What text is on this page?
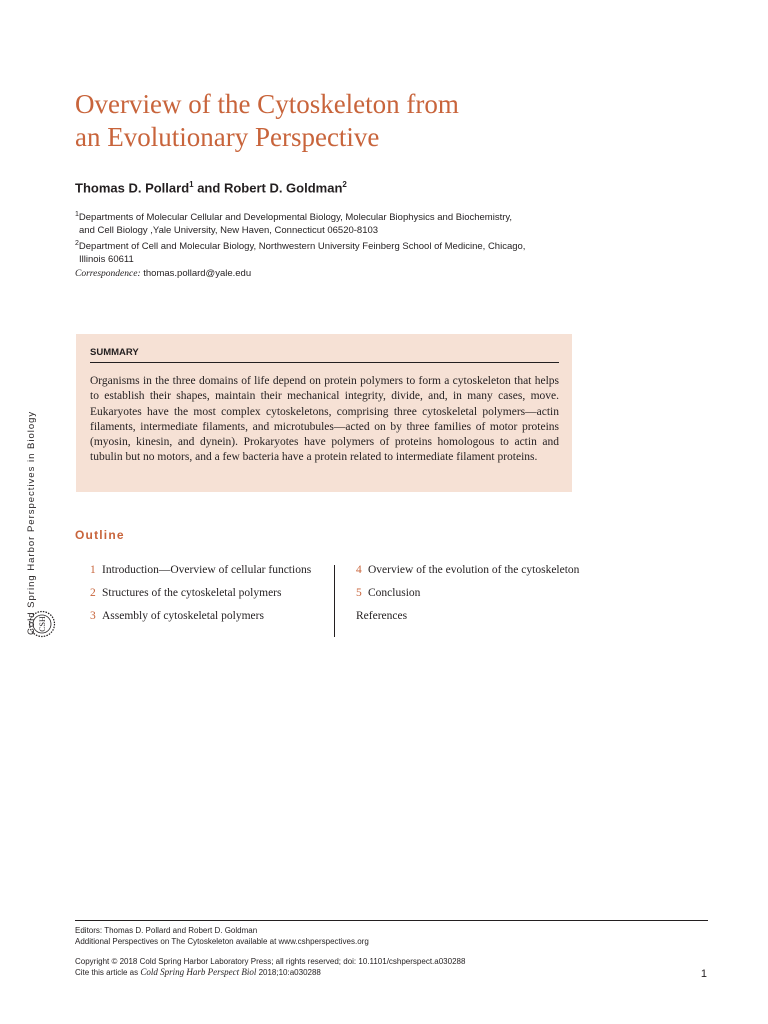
Cold Spring Harbor Perspectives in Biology CSH
Overview of the Cytoskeleton from
an Evolutionary Perspective
Thomas D. Pollard$^1$ and Robert D. Goldman$^2$
$^1$Departments of Molecular Cellular and Developmental Biology, Molecular Biophysics and Biochemistry,
and Cell Biology ,Yale University, New Haven, Connecticut 06520-8103
$^2$Department of Cell and Molecular Biology, Northwestern University Feinberg School of Medicine, Chicago,
Illinois 60611
Correspondence: thomas.pollard@yale.edu
SUMMARY
Organisms in the three domains of life depend on protein polymers to form a cytoskeleton that helps to establish their shapes, maintain their mechanical integrity, divide, and, in many cases, move. Eukaryotes have the most complex cytoskeletons, comprising three cytoskeletal polymers—actin filaments, intermediate filaments, and microtubules—acted on by three families of motor proteins (myosin, kinesin, and dynein). Prokaryotes have polymers of proteins homologous to actin and tubulin but no motors, and a few bacteria have a protein related to intermediate filament proteins.
Outline
1 Introduction—Overview of cellular functions
2 Structures of the cytoskeletal polymers
3 Assembly of cytoskeletal polymers
4 Overview of the evolution of the cytoskeleton
5 Conclusion
References
Editors: Thomas D. Pollard and Robert D. Goldman
Additional Perspectives on The Cytoskeleton available at www.cshperspectives.org
Copyright © 2018 Cold Spring Harbor Laboratory Press; all rights reserved; doi: 10.1101/cshperspect.a030288
Cite this article as Cold Spring Harb Perspect Biol 2018;10:a030288	1
